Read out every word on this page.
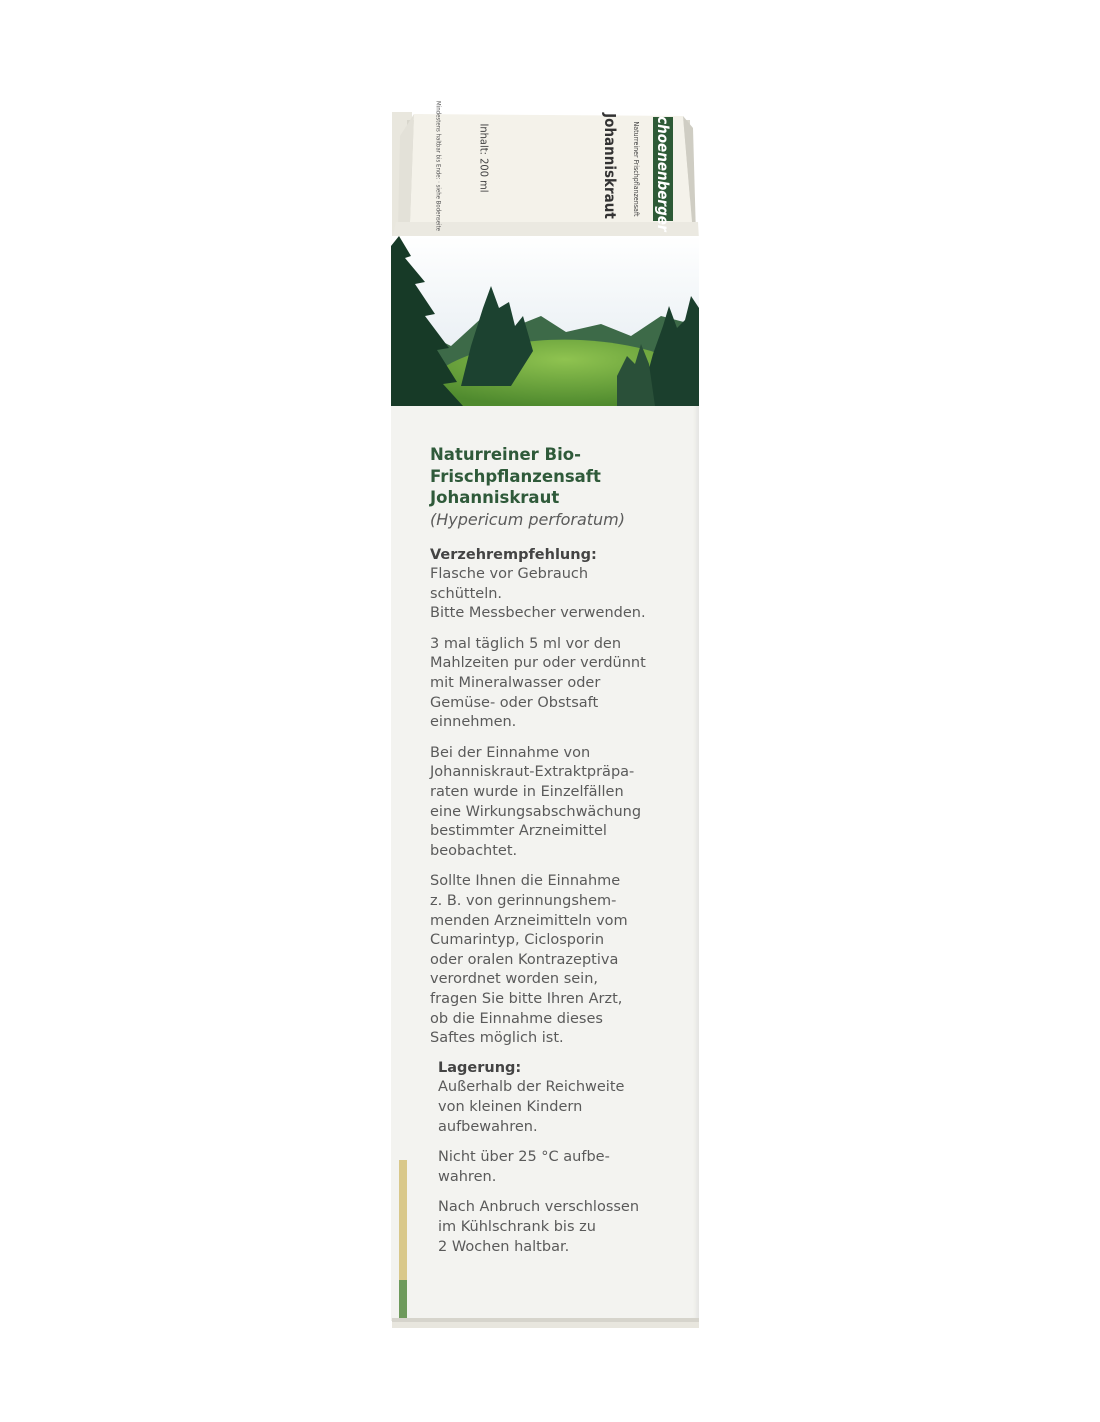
Schoenenberger
Naturreiner Frischpflanzensaft
Johanniskraut
Inhalt: 200 ml
Mindestens haltbar bis Ende: · siehe Bodenseite
Naturreiner Bio-
Frischpflanzensaft
Johanniskraut
(Hypericum perforatum)
Verzehrempfehlung:
Flasche vor Gebrauch
schütteln.
Bitte Messbecher verwenden.
3 mal täglich 5 ml vor den
Mahlzeiten pur oder verdünnt
mit Mineralwasser oder
Gemüse- oder Obstsaft
einnehmen.
Bei der Einnahme von
Johanniskraut-Extraktpräpa-
raten wurde in Einzelfällen
eine Wirkungsabschwächung
bestimmter Arzneimittel
beobachtet.
Sollte Ihnen die Einnahme
z. B. von gerinnungshem-
menden Arzneimitteln vom
Cumarintyp, Ciclosporin
oder oralen Kontrazeptiva
verordnet worden sein,
fragen Sie bitte Ihren Arzt,
ob die Einnahme dieses
Saftes möglich ist.
Lagerung:
Außerhalb der Reichweite
von kleinen Kindern
aufbewahren.
Nicht über 25 °C aufbe-
wahren.
Nach Anbruch verschlossen
im Kühlschrank bis zu
2 Wochen haltbar.
